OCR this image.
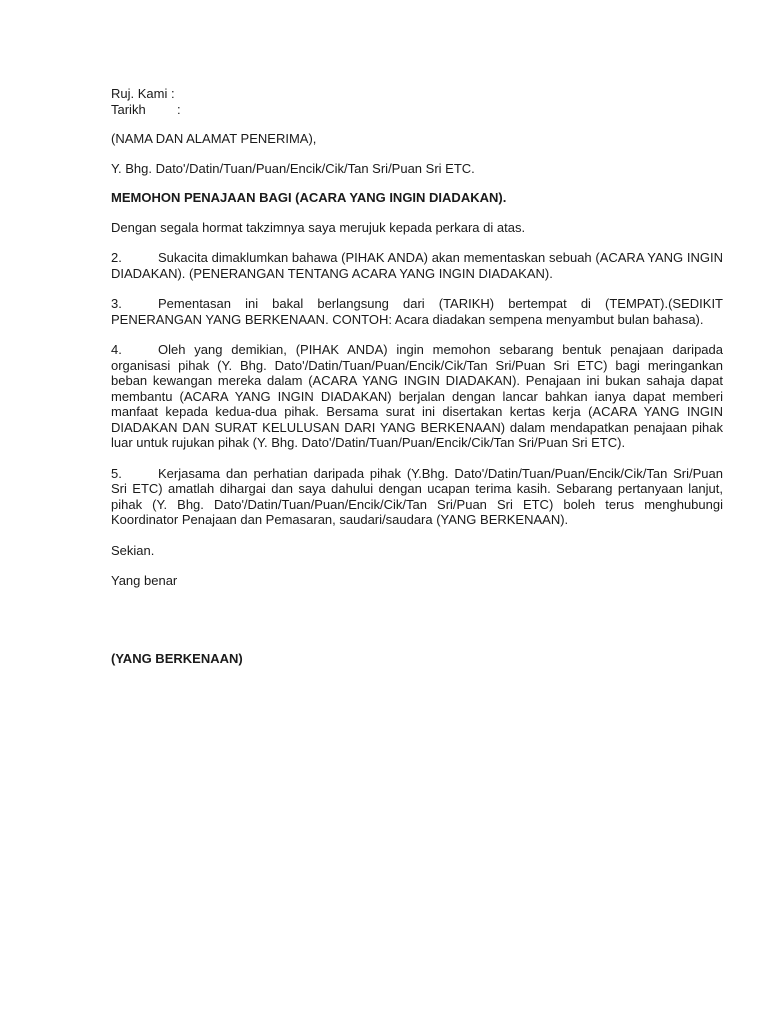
Ruj. Kami :
Tarikh	:

(NAMA DAN ALAMAT PENERIMA),

Y. Bhg. Dato'/Datin/Tuan/Puan/Encik/Cik/Tan Sri/Puan Sri ETC.

MEMOHON PENAJAAN BAGI (ACARA YANG INGIN DIADAKAN).

Dengan segala hormat takzimnya saya merujuk kepada perkara di atas.

2.	Sukacita dimaklumkan bahawa (PIHAK ANDA) akan mementaskan sebuah (ACARA YANG INGIN DIADAKAN). (PENERANGAN TENTANG ACARA YANG INGIN DIADAKAN).

3.	Pementasan ini bakal berlangsung dari (TARIKH) bertempat di (TEMPAT).(SEDIKIT PENERANGAN YANG BERKENAAN. CONTOH: Acara diadakan sempena menyambut bulan bahasa).

4.	Oleh yang demikian, (PIHAK ANDA) ingin memohon sebarang bentuk penajaan daripada organisasi pihak (Y. Bhg. Dato'/Datin/Tuan/Puan/Encik/Cik/Tan Sri/Puan Sri ETC) bagi meringankan beban kewangan mereka dalam (ACARA YANG INGIN DIADAKAN). Penajaan ini bukan sahaja dapat membantu (ACARA YANG INGIN DIADAKAN) berjalan dengan lancar bahkan ianya dapat memberi manfaat kepada kedua-dua pihak. Bersama surat ini disertakan kertas kerja (ACARA YANG INGIN DIADAKAN DAN SURAT KELULUSAN DARI YANG BERKENAAN) dalam mendapatkan penajaan pihak luar untuk rujukan pihak (Y. Bhg. Dato'/Datin/Tuan/Puan/Encik/Cik/Tan Sri/Puan Sri ETC).

5.	Kerjasama dan perhatian daripada pihak (Y.Bhg. Dato'/Datin/Tuan/Puan/Encik/Cik/Tan Sri/Puan Sri ETC) amatlah dihargai dan saya dahului dengan ucapan terima kasih. Sebarang pertanyaan lanjut, pihak (Y. Bhg. Dato'/Datin/Tuan/Puan/Encik/Cik/Tan Sri/Puan Sri ETC) boleh terus menghubungi Koordinator Penajaan dan Pemasaran, saudari/saudara (YANG BERKENAAN).

Sekian.

Yang benar

(YANG BERKENAAN)
